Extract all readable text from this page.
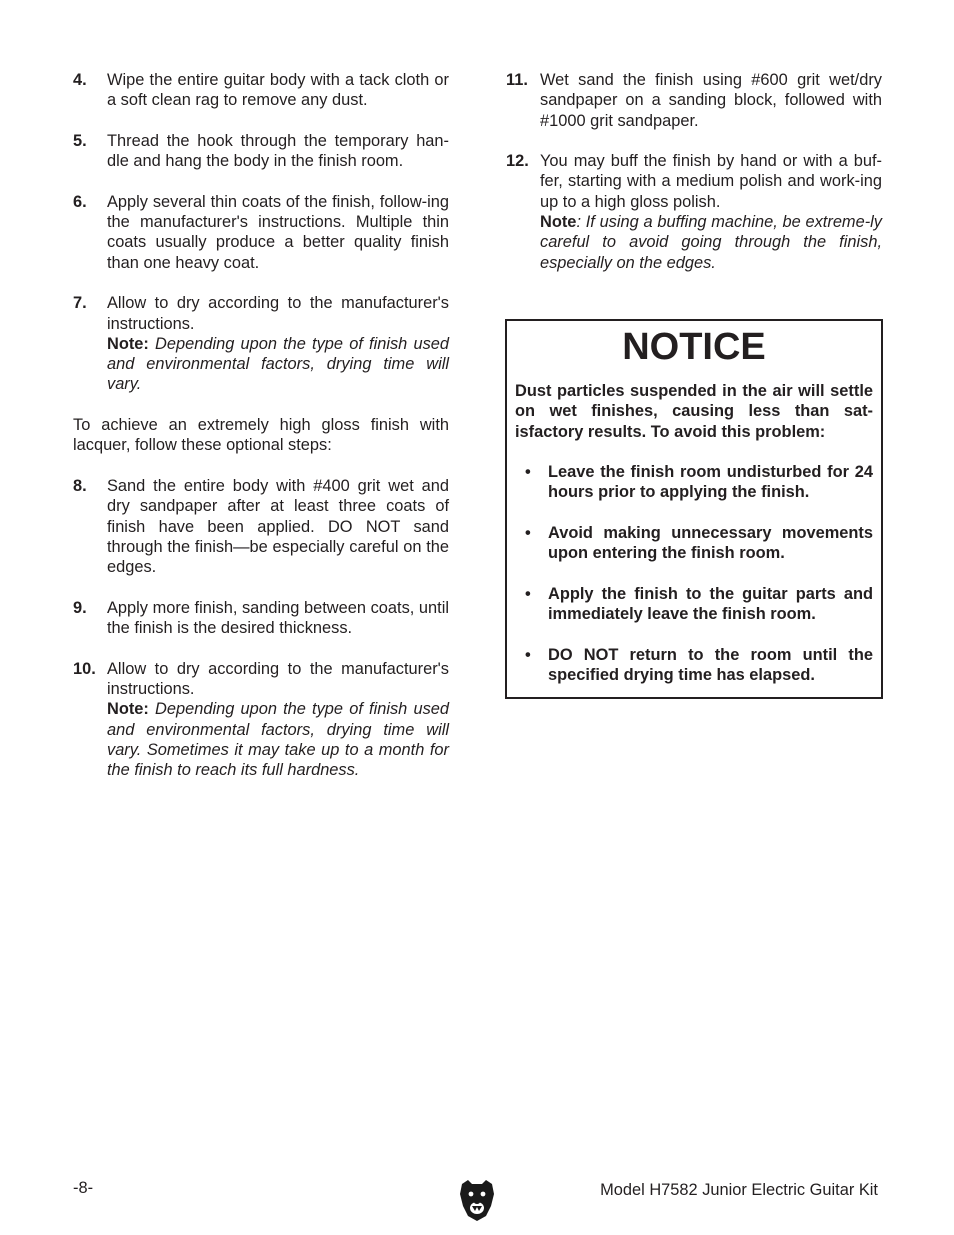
4. Wipe the entire guitar body with a tack cloth or a soft clean rag to remove any dust.

5. Thread the hook through the temporary han-dle and hang the body in the finish room.

6. Apply several thin coats of the finish, follow-ing the manufacturer's instructions. Multiple thin coats usually produce a better quality finish than one heavy coat.

7. Allow to dry according to the manufacturer's instructions.

Note: Depending upon the type of finish used and environmental factors, drying time will vary.

To achieve an extremely high gloss finish with lacquer, follow these optional steps:

8. Sand the entire body with #400 grit wet and dry sandpaper after at least three coats of finish have been applied. DO NOT sand through the finish—be especially careful on the edges.

9. Apply more finish, sanding between coats, until the finish is the desired thickness.

10. Allow to dry according to the manufacturer's instructions.

Note: Depending upon the type of finish used and environmental factors, drying time will vary. Sometimes it may take up to a month for the finish to reach its full hardness.

11. Wet sand the finish using #600 grit wet/dry sandpaper on a sanding block, followed with #1000 grit sandpaper.

12. You may buff the finish by hand or with a buf-fer, starting with a medium polish and work-ing up to a high gloss polish.

Note: If using a buffing machine, be extreme-ly careful to avoid going through the finish, especially on the edges.

NOTICE

Dust particles suspended in the air will settle on wet finishes, causing less than sat-isfactory results. To avoid this problem:

• Leave the finish room undisturbed for 24 hours prior to applying the finish.
• Avoid making unnecessary movements upon entering the finish room.
• Apply the finish to the guitar parts and immediately leave the finish room.
• DO NOT return to the room until the specified drying time has elapsed.
-8-	Model H7582 Junior Electric Guitar Kit
